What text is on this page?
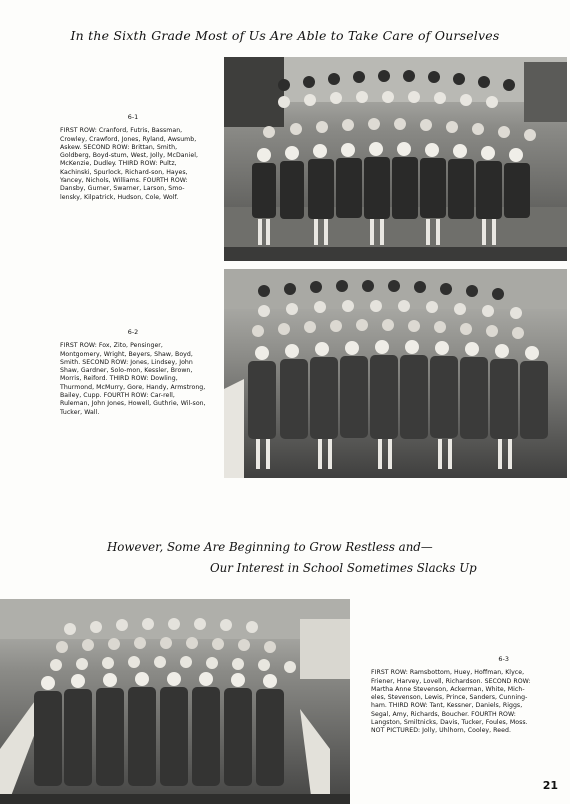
In the Sixth Grade Most of Us Are Able to Take Care of Ourselves
6-1
FIRST ROW: Cranford, Futris, Bassman, Crowley, Crawford, Jones, Ryland, Awsumb, Askew. SECOND ROW: Brittan, Smith, Goldberg, Boyd-stum, West, Jolly, McDaniel, McKenzie, Dudley. THIRD ROW: Pultz, Kachinski, Spurlock, Richard-son, Hayes, Yancey, Nichols, Williams. FOURTH ROW: Dansby, Gurner, Swarner, Larson, Smo-lensky, Kilpatrick, Hudson, Cole, Wolf.
6-2
FIRST ROW: Fox, Zito, Pensinger, Montgomery, Wright, Beyers, Shaw, Boyd, Smith. SECOND ROW: Jones, Lindsey, John Shaw, Gardner, Solo-mon, Kessler, Brown, Morris, Reiford. THIRD ROW: Dowling, Thurmond, McMurry, Gore, Handy, Armstrong, Bailey, Cupp. FOURTH ROW: Car-rell, Ruleman, John Jones, Howell, Guthrie, Wil-son, Tucker, Wall.
However, Some Are Beginning to Grow Restless and—
Our Interest in School Sometimes Slacks Up
6-3
FIRST ROW: Ramsbottom, Huey, Hoffman, Klyce, Friener, Harvey, Lovell, Richardson. SECOND ROW: Martha Anne Stevenson, Ackerman, White, Mich-eles, Stevenson, Lewis, Prince, Sanders, Cunning-ham. THIRD ROW: Tant, Kessner, Daniels, Riggs, Segal, Amy, Richards, Boucher. FOURTH ROW: Langston, Smiltnicks, Davis, Tucker, Foules, Moss. NOT PICTURED: Jolly, Uhlhorn, Cooley, Reed.
21
